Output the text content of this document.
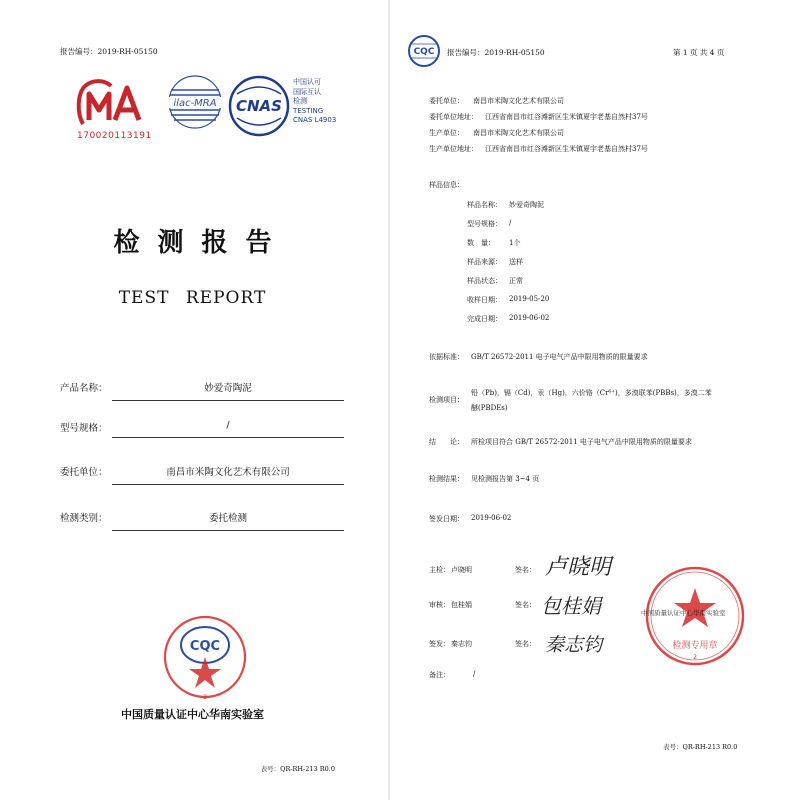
报告编号：2019-RH-05150
170020113191
ilac-MRA CNAS
中国认可
国际互认
检测
TESTING
CNAS L4903
检测报告
TEST REPORT
产品名称：	妙爱奇陶泥
型号规格：	/
委托单位：	南昌市米陶文化艺术有限公司
检测类别：	委托检测
CQC
2
中国质量认证中心华南实验室
表号：QR-RH-213 R0.0
CQC 报告编号：2019-RH-05150	第 1 页 共 4 页
委托单位： 南昌市米陶文化艺术有限公司
委托单位地址： 江西省南昌市红谷滩新区生米镇夏宇老基自然村37号
生产单位： 南昌市米陶文化艺术有限公司
生产单位地址： 江西省南昌市红谷滩新区生米镇夏宇老基自然村37号
样品信息：
样品名称： 妙爱奇陶泥
型号规格： /
数　量： 1个
样品来源： 送样
样品状态： 正常
收样日期： 2019-05-20
完成日期： 2019-06-02
依据标准： GB/T 26572-2011 电子电气产品中限用物质的限量要求
检测项目：
铅（Pb)，镉（Cd)，汞（Hg)，六价铬（Cr⁶⁺)，多溴联苯(PBBs)，多溴二苯
醚(PBDEs)
结　　论： 所检项目符合 GB/T 26572-2011 电子电气产品中限用物质的限量要求
检测结果： 见检测报告第 3~4 页
签发日期： 2019-06-02
主检： 卢晓明	签名： 卢晓明
审核： 包桂娟	签名： 包桂娟
签发： 秦志钧	签名： 秦志钧
备注：	/
检测专用章
2
中国质量认证中心华南实验室
表号：QR-RH-213 R0.0
